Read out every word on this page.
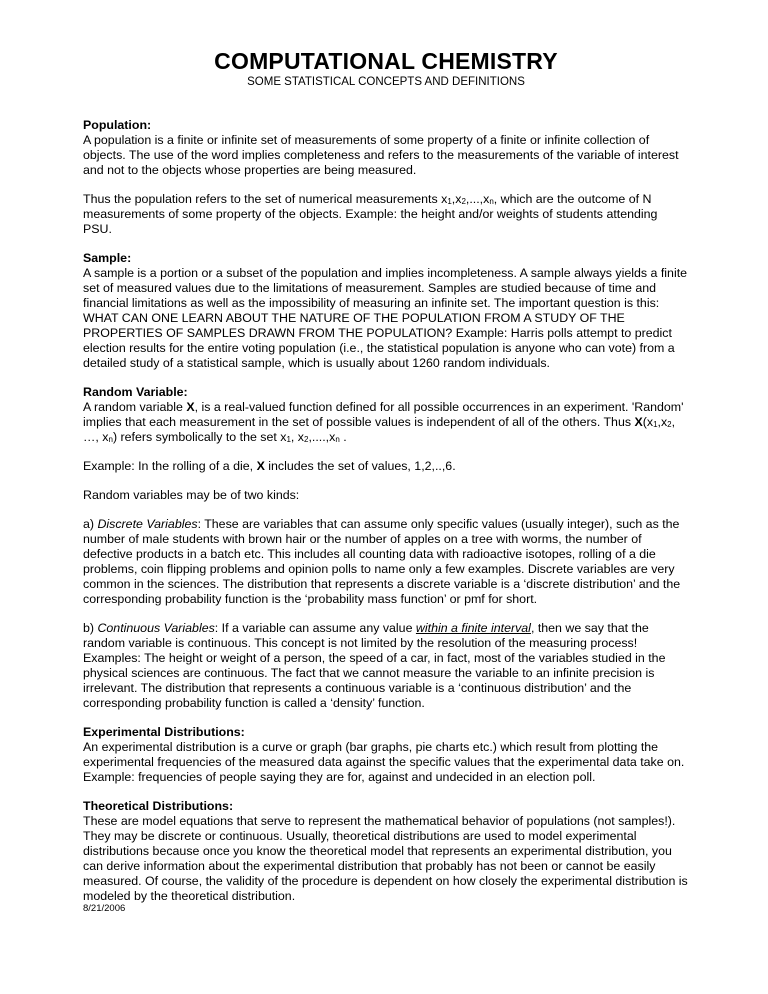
COMPUTATIONAL CHEMISTRY
SOME STATISTICAL CONCEPTS AND DEFINITIONS
Population:

A population is a finite or infinite set of measurements of some property of a finite or infinite collection of objects. The use of the word implies completeness and refers to the measurements of the variable of interest and not to the objects whose properties are being measured.

Thus the population refers to the set of numerical measurements $x_1,x_2,...,x_n$, which are the outcome of N measurements of some property of the objects. Example: the height and/or weights of students attending PSU.

Sample:

A sample is a portion or a subset of the population and implies incompleteness. A sample always yields a finite set of measured values due to the limitations of measurement. Samples are studied because of time and financial limitations as well as the impossibility of measuring an infinite set. The important question is this: WHAT CAN ONE LEARN ABOUT THE NATURE OF THE POPULATION FROM A STUDY OF THE PROPERTIES OF SAMPLES DRAWN FROM THE POPULATION? Example: Harris polls attempt to predict election results for the entire voting population (i.e., the statistical population is anyone who can vote) from a detailed study of a statistical sample, which is usually about 1260 random individuals.

Random Variable:

A random variable X, is a real-valued function defined for all possible occurrences in an experiment. 'Random' implies that each measurement in the set of possible values is independent of all of the others. Thus $X(x_1,x_2$, …, $x_n$) refers symbolically to the set $x_1$, $x_2,....,x_n$ .

Example: In the rolling of a die, X includes the set of values, 1,2,..,6.

Random variables may be of two kinds:

a) Discrete Variables: These are variables that can assume only specific values (usually integer), such as the number of male students with brown hair or the number of apples on a tree with worms, the number of defective products in a batch etc. This includes all counting data with radioactive isotopes, rolling of a die problems, coin flipping problems and opinion polls to name only a few examples. Discrete variables are very common in the sciences. The distribution that represents a discrete variable is a ‘discrete distribution’ and the corresponding probability function is the ‘probability mass function’ or pmf for short.

b) Continuous Variables: If a variable can assume any value within a finite interval, then we say that the random variable is continuous. This concept is not limited by the resolution of the measuring process! Examples: The height or weight of a person, the speed of a car, in fact, most of the variables studied in the physical sciences are continuous. The fact that we cannot measure the variable to an infinite precision is irrelevant. The distribution that represents a continuous variable is a ‘continuous distribution’ and the corresponding probability function is called a ‘density’ function.

Experimental Distributions:

An experimental distribution is a curve or graph (bar graphs, pie charts etc.) which result from plotting the experimental frequencies of the measured data against the specific values that the experimental data take on. Example: frequencies of people saying they are for, against and undecided in an election poll.

Theoretical Distributions:

These are model equations that serve to represent the mathematical behavior of populations (not samples!). They may be discrete or continuous. Usually, theoretical distributions are used to model experimental distributions because once you know the theoretical model that represents an experimental distribution, you can derive information about the experimental distribution that probably has not been or cannot be easily measured. Of course, the validity of the procedure is dependent on how closely the experimental distribution is modeled by the theoretical distribution.

8/21/2006
